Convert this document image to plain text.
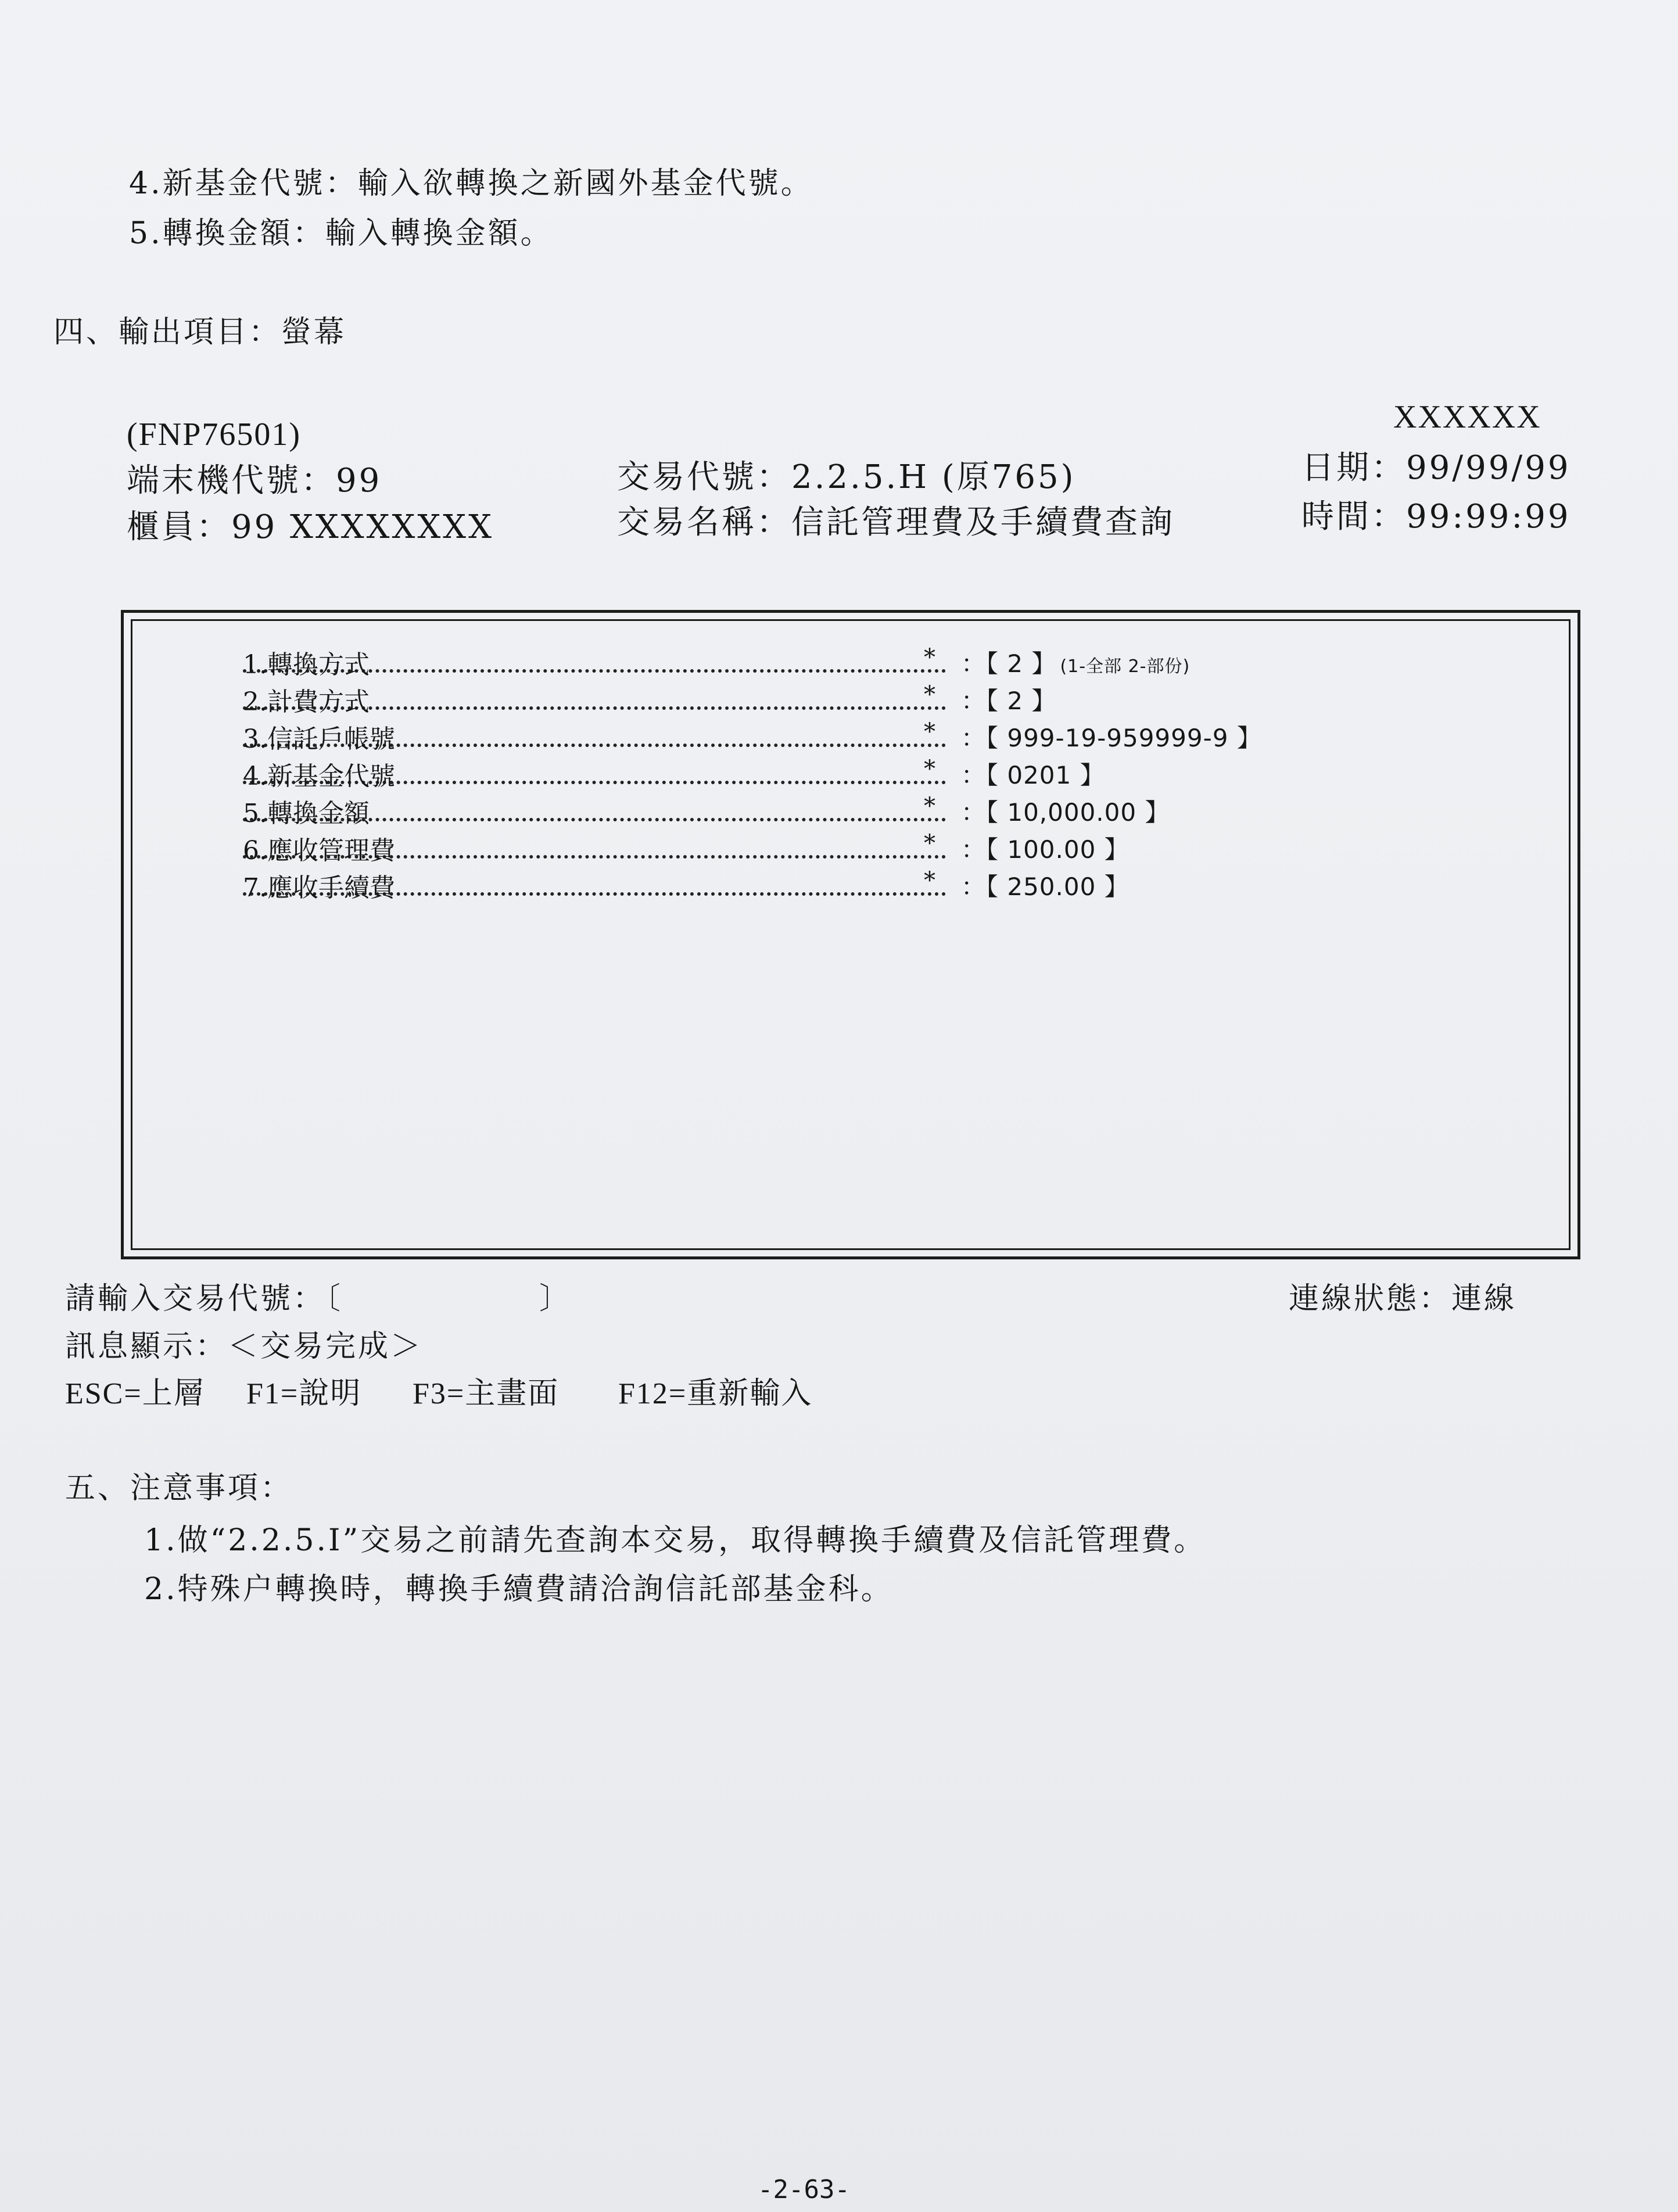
4.新基金代號：輸入欲轉換之新國外基金代號。
5.轉換金額：輸入轉換金額。
四、輸出項目：螢幕
(FNP76501)	XXXXXX
端末機代號：99
櫃員：99 XXXXXXXX
交易代號：2.2.5.H (原765)
交易名稱：信託管理費及手續費查詢
日期：99/99/99
時間：99:99:99
1.轉換方式	* ：【 2 】 (1-全部 2-部份)
2.計費方式	* ：【 2 】
3.信託戶帳號	* ：【 999-19-959999-9 】
4.新基金代號	* ：【 0201 】
5.轉換金額	* ：【 10,000.00 】
6.應收管理費	* ：【 100.00 】
7.應收手續費	* ：【 250.00 】
請輸入交易代號：〔	〕	連線狀態：連線
訊息顯示：＜交易完成＞
ESC=上層 F1=說明 F3=主畫面 F12=重新輸入
五、注意事項：
1.做“2.2.5.I”交易之前請先查詢本交易，取得轉換手續費及信託管理費。
2.特殊户轉換時，轉換手續費請洽詢信託部基金科。
-2-63-
